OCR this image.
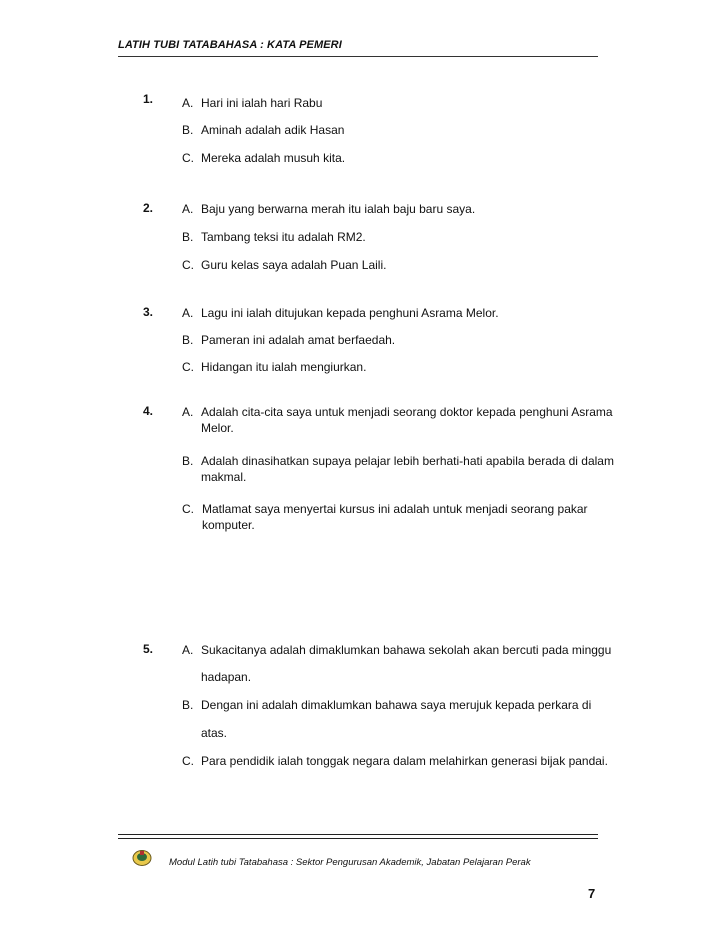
LATIH TUBI TATABAHASA : KATA PEMERI
1. A. Hari ini ialah hari Rabu
B. Aminah adalah adik Hasan
C. Mereka adalah musuh kita.
2. A. Baju yang berwarna merah itu ialah baju baru saya.
B. Tambang teksi itu adalah RM2.
C. Guru kelas saya adalah Puan Laili.
3. A. Lagu ini ialah ditujukan kepada penghuni Asrama Melor.
B. Pameran ini adalah amat berfaedah.
C. Hidangan itu ialah mengiurkan.
4. A. Adalah cita-cita saya untuk menjadi seorang doktor kepada penghuni Asrama Melor.
B. Adalah dinasihatkan supaya pelajar lebih berhati-hati apabila berada di dalam makmal.
C. Matlamat saya menyertai kursus ini adalah untuk menjadi seorang pakar komputer.
5. A. Sukacitanya adalah dimaklumkan bahawa sekolah akan bercuti pada minggu
hadapan.
B. Dengan ini adalah dimaklumkan bahawa saya merujuk kepada perkara di
atas.
C. Para pendidik ialah tonggak negara dalam melahirkan generasi bijak pandai.
Modul Latih tubi Tatabahasa : Sektor Pengurusan Akademik, Jabatan Pelajaran Perak
7
